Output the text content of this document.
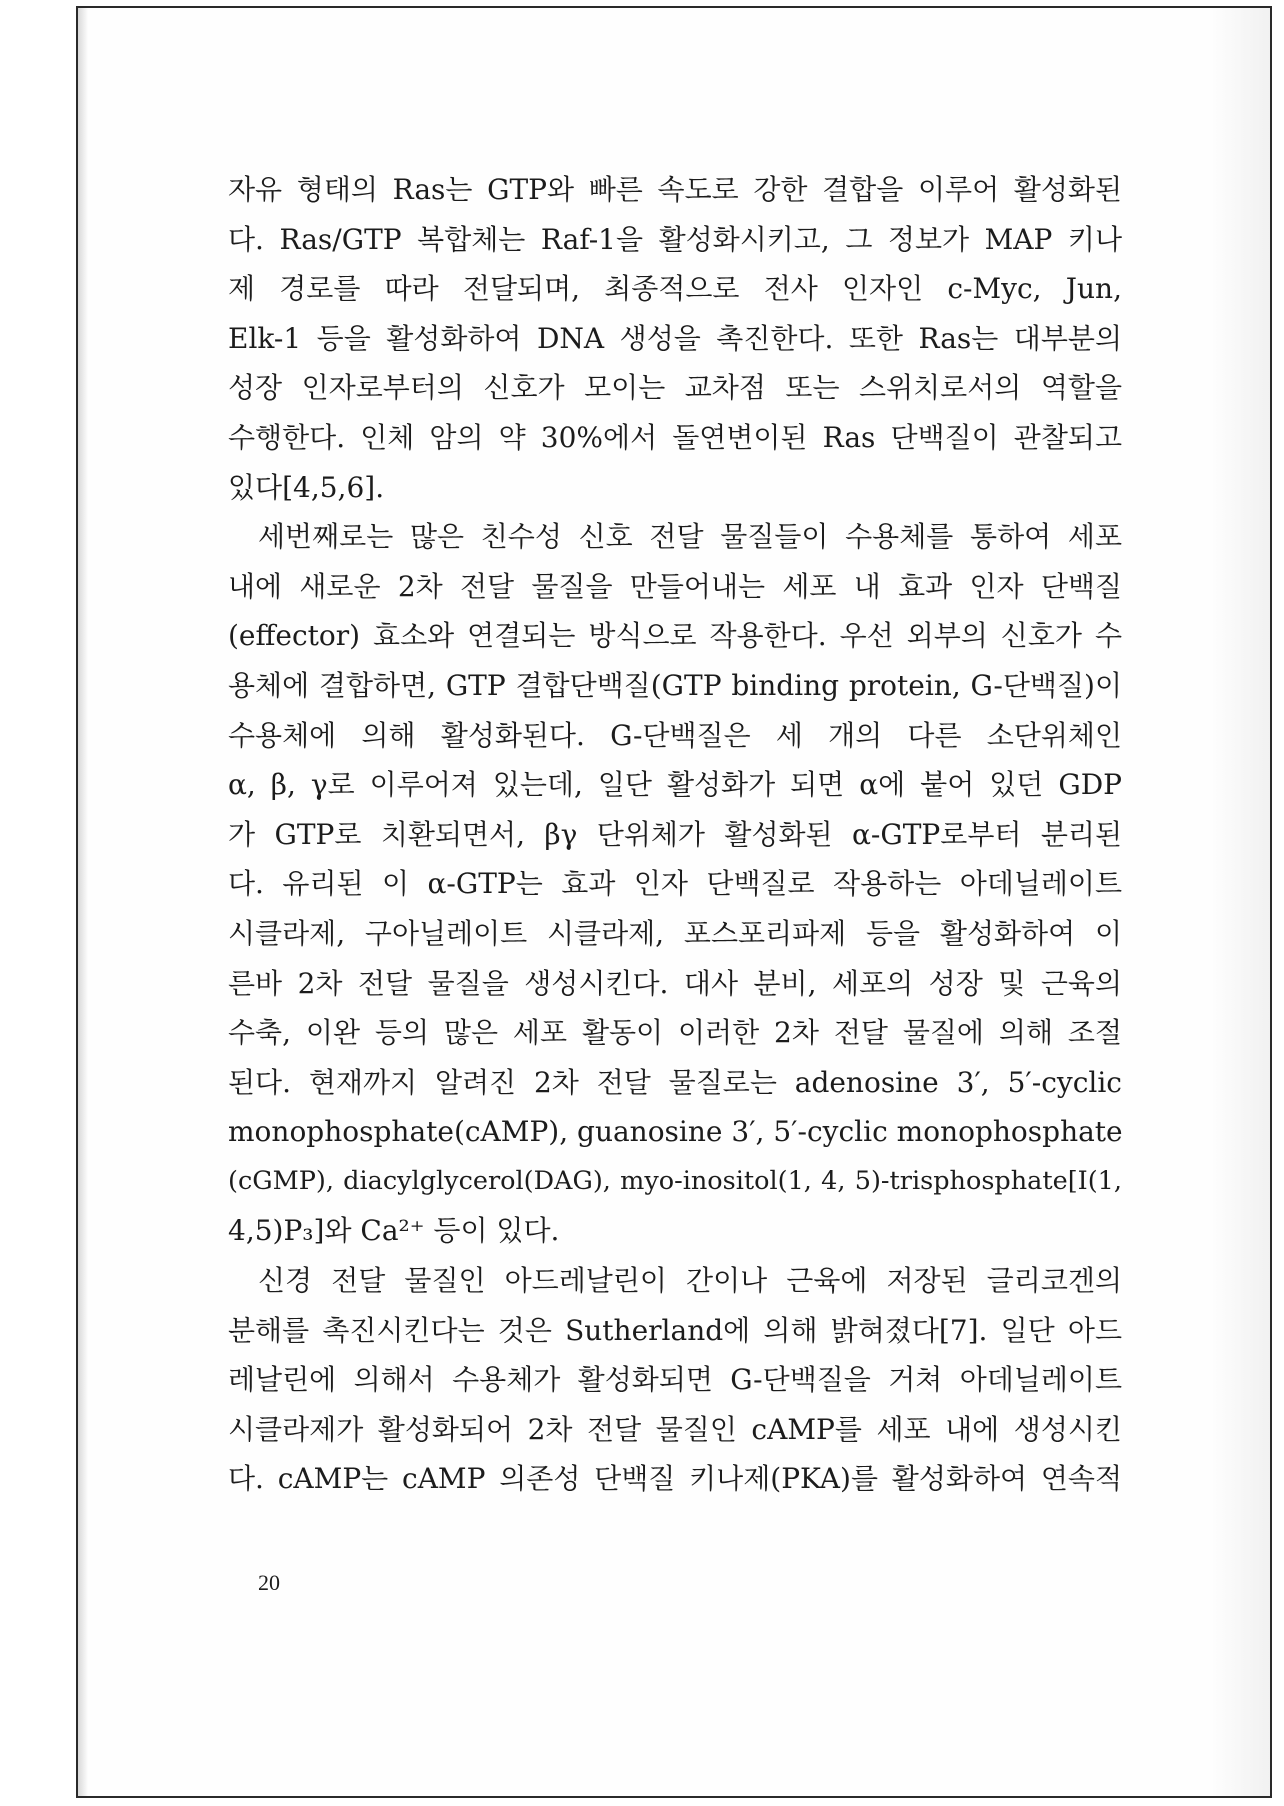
자유 형태의 Ras는 GTP와 빠른 속도로 강한 결합을 이루어 활성화된
다. Ras/GTP 복합체는 Raf-1을 활성화시키고, 그 정보가 MAP 키나
제 경로를 따라 전달되며, 최종적으로 전사 인자인 c-Myc, Jun,
Elk-1 등을 활성화하여 DNA 생성을 촉진한다. 또한 Ras는 대부분의
성장 인자로부터의 신호가 모이는 교차점 또는 스위치로서의 역할을
수행한다. 인체 암의 약 30%에서 돌연변이된 Ras 단백질이 관찰되고
있다[4,5,6].
세번째로는 많은 친수성 신호 전달 물질들이 수용체를 통하여 세포
내에 새로운 2차 전달 물질을 만들어내는 세포 내 효과 인자 단백질
(effector) 효소와 연결되는 방식으로 작용한다. 우선 외부의 신호가 수
용체에 결합하면, GTP 결합단백질(GTP binding protein, G-단백질)이
수용체에 의해 활성화된다. G-단백질은 세 개의 다른 소단위체인
α, β, γ로 이루어져 있는데, 일단 활성화가 되면 α에 붙어 있던 GDP
가 GTP로 치환되면서, βγ 단위체가 활성화된 α-GTP로부터 분리된
다. 유리된 이 α-GTP는 효과 인자 단백질로 작용하는 아데닐레이트
시클라제, 구아닐레이트 시클라제, 포스포리파제 등을 활성화하여 이
른바 2차 전달 물질을 생성시킨다. 대사 분비, 세포의 성장 및 근육의
수축, 이완 등의 많은 세포 활동이 이러한 2차 전달 물질에 의해 조절
된다. 현재까지 알려진 2차 전달 물질로는 adenosine 3′, 5′-cyclic
monophosphate(cAMP), guanosine 3′, 5′-cyclic monophosphate
(cGMP), diacylglycerol(DAG), myo-inositol(1, 4, 5)-trisphosphate[I(1,
4,5)P₃]와 Ca²⁺ 등이 있다.
신경 전달 물질인 아드레날린이 간이나 근육에 저장된 글리코겐의
분해를 촉진시킨다는 것은 Sutherland에 의해 밝혀졌다[7]. 일단 아드
레날린에 의해서 수용체가 활성화되면 G-단백질을 거쳐 아데닐레이트
시클라제가 활성화되어 2차 전달 물질인 cAMP를 세포 내에 생성시킨
다. cAMP는 cAMP 의존성 단백질 키나제(PKA)를 활성화하여 연속적
20
